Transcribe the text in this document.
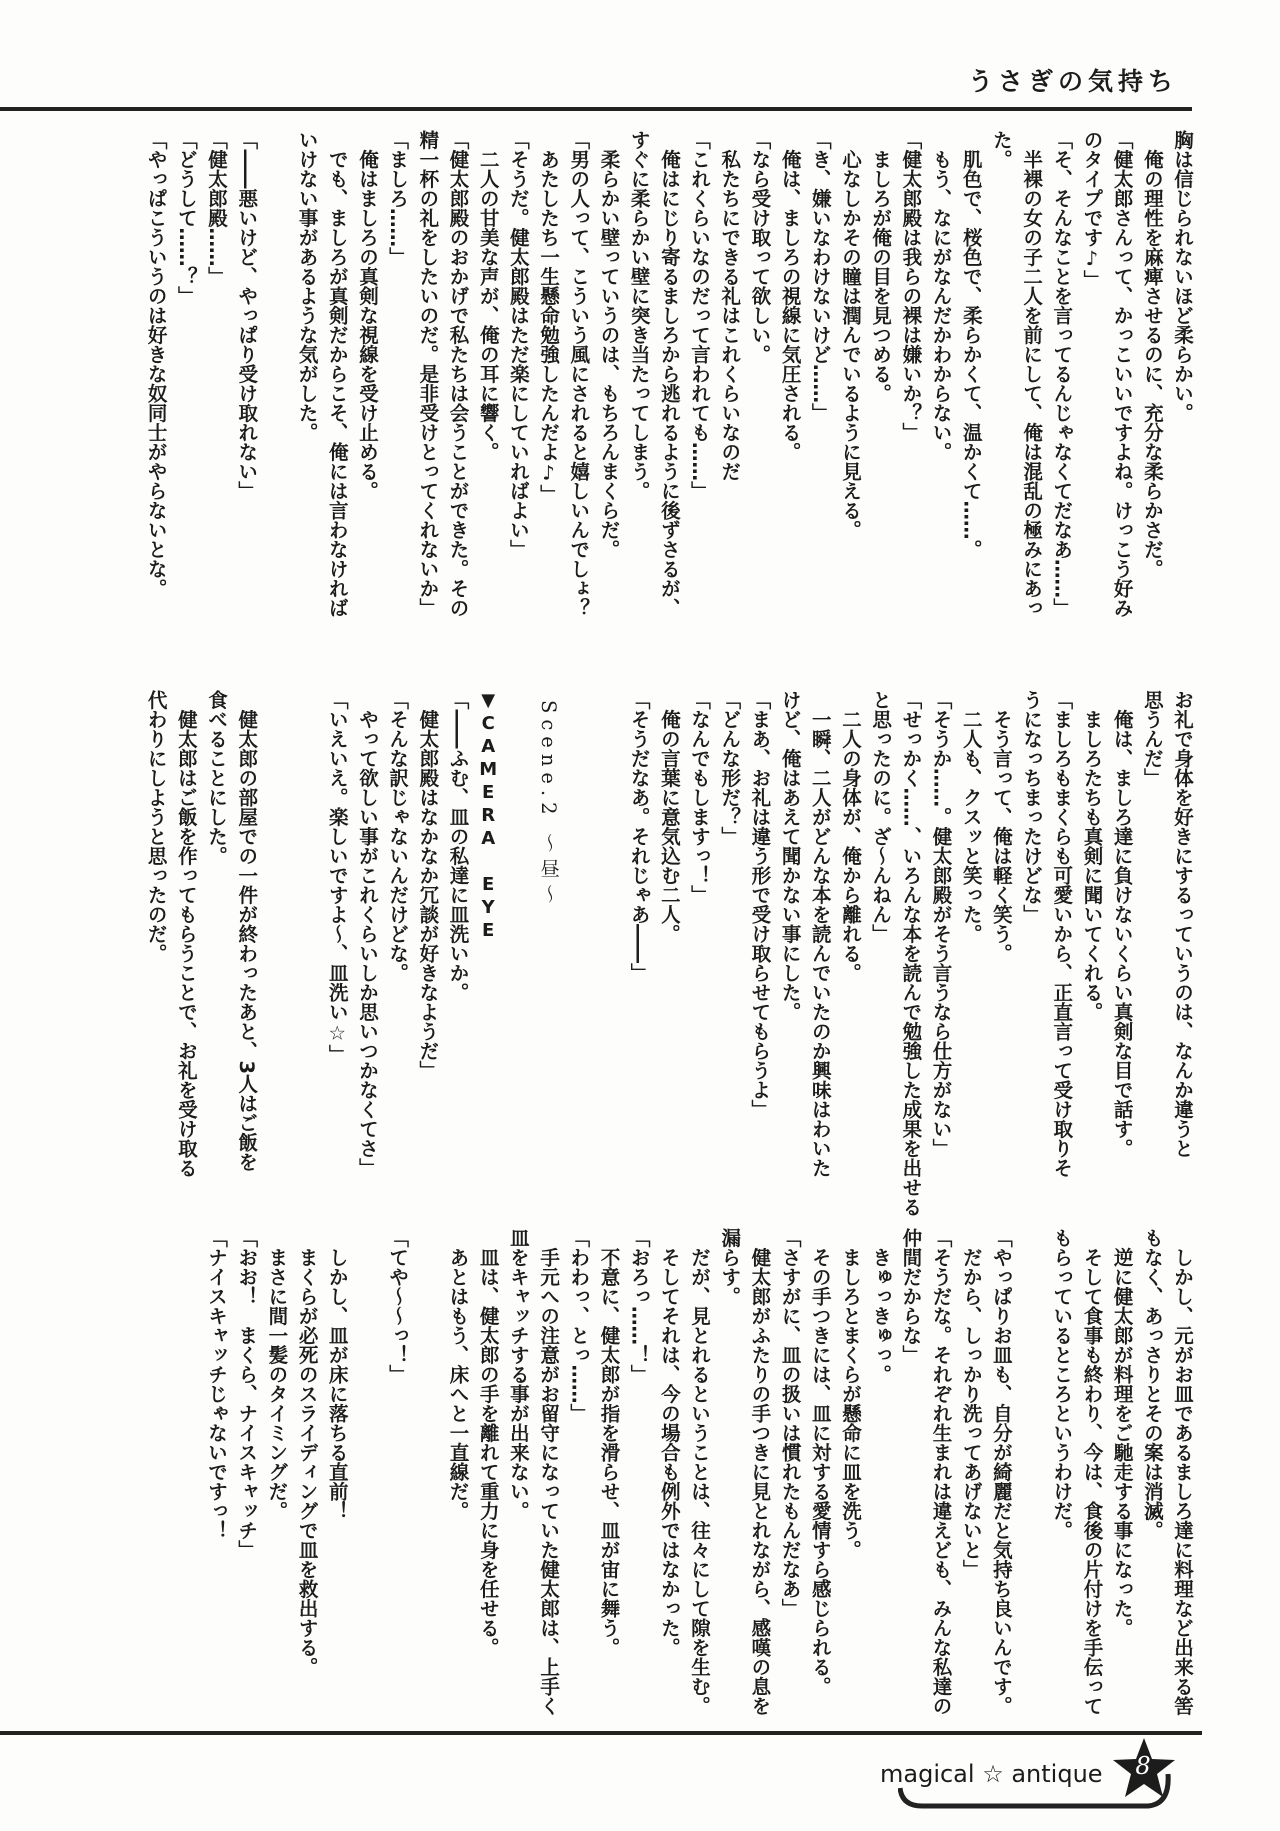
うさぎの気持ち
胸は信じられないほど柔らかい。
　俺の理性を麻痺させるのに、充分な柔らかさだ。
「健太郎さんって、かっこいいですよね。けっこう好み
のタイプです♪」
「そ、そんなことを言ってるんじゃなくてだなあ……」
　半裸の女の子二人を前にして、俺は混乱の極みにあっ
た。
　肌色で、桜色で、柔らかくて、温かくて……。
　もう、なにがなんだかわからない。
「健太郎殿は我らの裸は嫌いか？」
　ましろが俺の目を見つめる。
　心なしかその瞳は潤んでいるように見える。
「き、嫌いなわけないけど……」
　俺は、ましろの視線に気圧される。
「なら受け取って欲しい。
　私たちにできる礼はこれくらいなのだ
「これくらいなのだって言われても……」
　俺はにじり寄るましろから逃れるように後ずさるが、
すぐに柔らかい壁に突き当たってしまう。
　柔らかい壁っていうのは、もちろんまくらだ。
「男の人って、こういう風にされると嬉しいんでしょ？
　あたしたち一生懸命勉強したんだよ♪」
「そうだ。健太郎殿はただ楽にしていればよい」
　二人の甘美な声が、俺の耳に響く。
「健太郎殿のおかげで私たちは会うことができた。その
精一杯の礼をしたいのだ。是非受けとってくれないか」
「ましろ……」
　俺はましろの真剣な視線を受け止める。
　でも、ましろが真剣だからこそ、俺には言わなければ
いけない事があるような気がした。
「――悪いけど、やっぱり受け取れない」
「健太郎殿……」
「どうして……？」
「やっぱこういうのは好きな奴同士がやらないとな。
お礼で身体を好きにするっていうのは、なんか違うと
思うんだ」
　俺は、ましろ達に負けないくらい真剣な目で話す。
　ましろたちも真剣に聞いてくれる。
「ましろもまくらも可愛いから、正直言って受け取りそ
うになっちまったけどな」
　そう言って、俺は軽く笑う。
　二人も、クスッと笑った。
「そうか……。健太郎殿がそう言うなら仕方がない」
「せっかく……、いろんな本を読んで勉強した成果を出せる
と思ったのに。ざ～んねん」
　二人の身体が、俺から離れる。
　一瞬、二人がどんな本を読んでいたのか興味はわいた
けど、俺はあえて聞かない事にした。
「まあ、お礼は違う形で受け取らせてもらうよ」
「どんな形だ？」
「なんでもしますっ！」
　俺の言葉に意気込む二人。
「そうだなあ。それじゃあ――」
Scene.2 ～昼～
▼CAMERA EYE
「――ふむ、皿の私達に皿洗いか。
　健太郎殿はなかなか冗談が好きなようだ」
「そんな訳じゃないんだけどな。
　やって欲しい事がこれくらいしか思いつかなくてさ」
「いえいえ。楽しいですよ～、皿洗い☆」
　健太郎の部屋での一件が終わったあと、3人はご飯を
食べることにした。
　健太郎はご飯を作ってもらうことで、お礼を受け取る
代わりにしようと思ったのだ。
　しかし、元がお皿であるましろ達に料理など出来る筈
もなく、あっさりとその案は消滅。
　逆に健太郎が料理をご馳走する事になった。
　そして食事も終わり、今は、食後の片付けを手伝って
もらっているところというわけだ。
「やっぱりお皿も、自分が綺麗だと気持ち良いんです。
　だから、しっかり洗ってあげないと」
「そうだな。それぞれ生まれは違えども、みんな私達の
仲間だからな」
　きゅっきゅっ。
　ましろとまくらが懸命に皿を洗う。
　その手つきには、皿に対する愛情すら感じられる。
「さすがに、皿の扱いは慣れたもんだなあ」
　健太郎がふたりの手つきに見とれながら、感嘆の息を
漏らす。
　だが、見とれるということは、往々にして隙を生む。
　そしてそれは、今の場合も例外ではなかった。
「おろっ……！」
　不意に、健太郎が指を滑らせ、皿が宙に舞う。
「わわっ、とっ……」
　手元への注意がお留守になっていた健太郎は、上手く
皿をキャッチする事が出来ない。
　皿は、健太郎の手を離れて重力に身を任せる。
　あとはもう、床へと一直線だ。
「てや～～っ！」
　しかし、皿が床に落ちる直前！
　まくらが必死のスライディングで皿を救出する。
　まさに間一髪のタイミングだ。
「おお！　まくら、ナイスキャッチ」
「ナイスキャッチじゃないですっ！
magical ☆ antique 8
